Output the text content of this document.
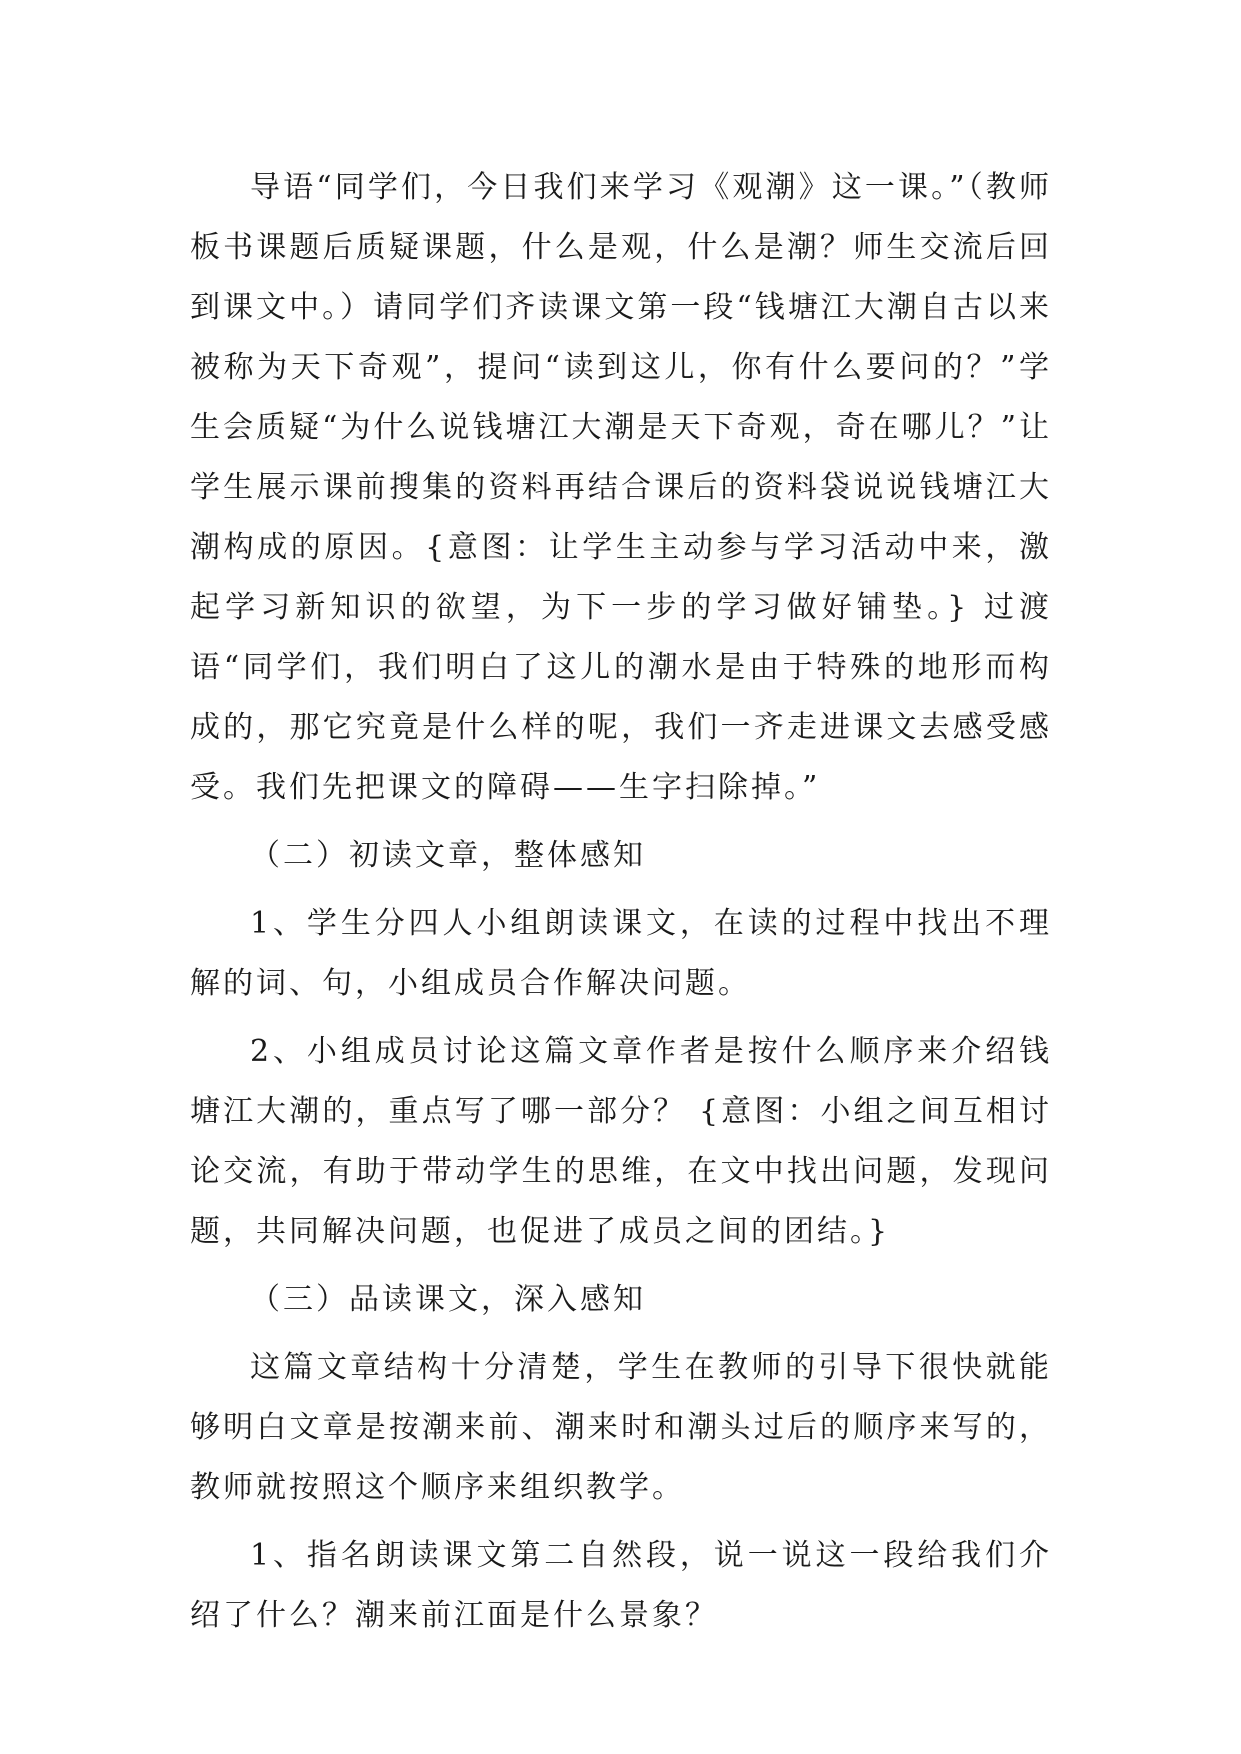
导语“同学们，今日我们来学习《观潮》这一课。”（教师板书课题后质疑课题，什么是观，什么是潮？师生交流后回到课文中。）请同学们齐读课文第一段“钱塘江大潮自古以来被称为天下奇观”，提问“读到这儿，你有什么要问的？”学生会质疑“为什么说钱塘江大潮是天下奇观，奇在哪儿？”让学生展示课前搜集的资料再结合课后的资料袋说说钱塘江大潮构成的原因。{意图：让学生主动参与学习活动中来，激起学习新知识的欲望，为下一步的学习做好铺垫。} 过渡语“同学们，我们明白了这儿的潮水是由于特殊的地形而构成的，那它究竟是什么样的呢，我们一齐走进课文去感受感受。我们先把课文的障碍——生字扫除掉。”

（二）初读文章，整体感知

1、学生分四人小组朗读课文，在读的过程中找出不理解的词、句，小组成员合作解决问题。

2、小组成员讨论这篇文章作者是按什么顺序来介绍钱塘江大潮的，重点写了哪一部分？ {意图：小组之间互相讨论交流，有助于带动学生的思维，在文中找出问题，发现问题，共同解决问题，也促进了成员之间的团结。}

（三）品读课文，深入感知

这篇文章结构十分清楚，学生在教师的引导下很快就能够明白文章是按潮来前、潮来时和潮头过后的顺序来写的，教师就按照这个顺序来组织教学。

1、指名朗读课文第二自然段，说一说这一段给我们介绍了什么？潮来前江面是什么景象？
